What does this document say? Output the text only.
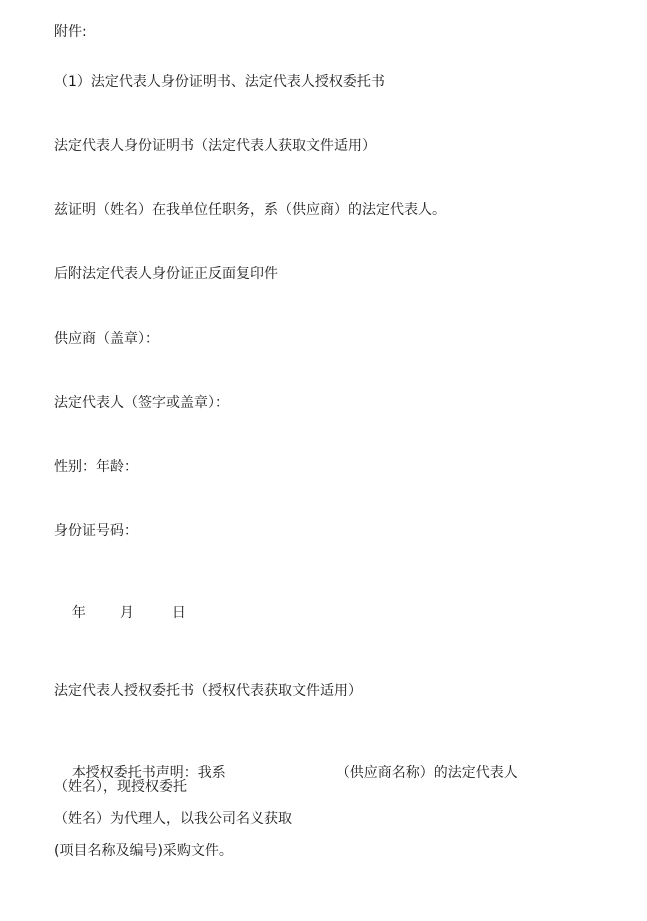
附件:
（1）法定代表人身份证明书、法定代表人授权委托书
法定代表人身份证明书（法定代表人获取文件适用）
兹证明（姓名）在我单位任职务，系（供应商）的法定代表人。
后附法定代表人身份证正反面复印件
供应商（盖章）：
法定代表人（签字或盖章）：
性别：年龄：
身份证号码：

年 月	日

法定代表人授权委托书（授权代表获取文件适用）

本授权委托书声明：我系	（供应商名称）的法定代表人

（姓名），现授权委托
（姓名）为代理人，以我公司名义获取
(项目名称及编号)采购文件。
